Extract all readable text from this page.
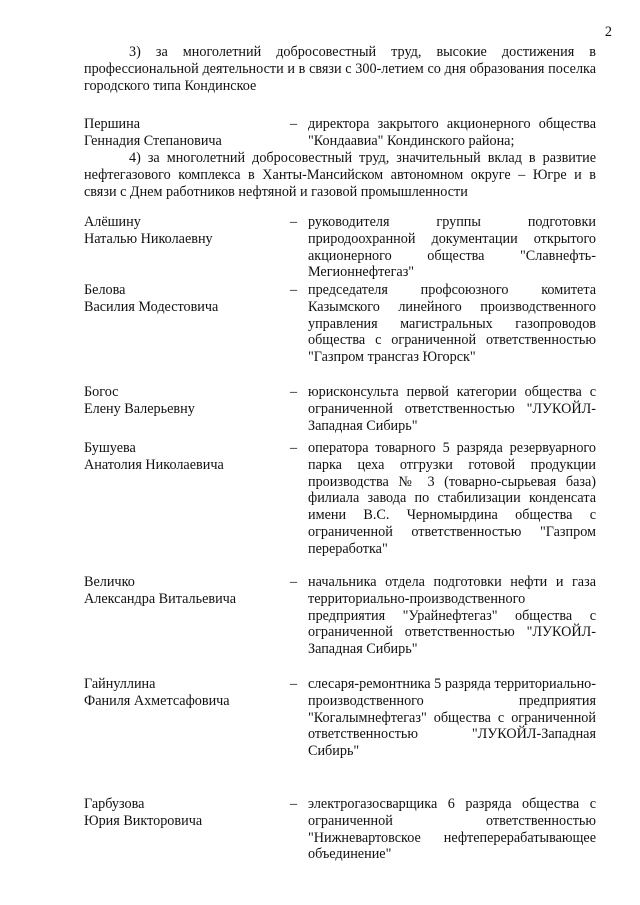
2
3) за многолетний добросовестный труд, высокие достижения в профессиональной деятельности и в связи с 300-летием со дня образования поселка городского типа Кондинское
Першина
Геннадия Степановича
– директора закрытого акционерного общества "Кондаавиа" Кондинского района;
4) за многолетний добросовестный труд, значительный вклад в развитие нефтегазового комплекса в Ханты-Мансийском автономном округе – Югре и в связи с Днем работников нефтяной и газовой промышленности
Алёшину
Наталью Николаевну
– руководителя группы подготовки природоохранной документации открытого акционерного общества "Славнефть-Мегионнефтегаз"
Белова
Василия Модестовича
– председателя профсоюзного комитета Казымского линейного производственного управления магистральных газопроводов общества с ограниченной ответственностью "Газпром трансгаз Югорск"
Богос
Елену Валерьевну
– юрисконсульта первой категории общества с ограниченной ответственностью "ЛУКОЙЛ-Западная Сибирь"
Бушуева
Анатолия Николаевича
– оператора товарного 5 разряда резервуарного парка цеха отгрузки готовой продукции производства № 3 (товарно-сырьевая база) филиала завода по стабилизации конденсата имени В.С. Черномырдина общества с ограниченной ответственностью "Газпром переработка"
Величко
Александра Витальевича
– начальника отдела подготовки нефти и газа территориально-производственного предприятия "Урайнефтегаз" общества с ограниченной ответственностью "ЛУКОЙЛ-Западная Сибирь"
Гайнуллина
Фаниля Ахметсафовича
– слесаря-ремонтника 5 разряда территориально-производственного предприятия "Когалымнефтегаз" общества с ограниченной ответственностью "ЛУКОЙЛ-Западная Сибирь"
Гарбузова
Юрия Викторовича
– электрогазосварщика 6 разряда общества с ограниченной ответственностью "Нижневартовское нефтеперерабатывающее объединение"
